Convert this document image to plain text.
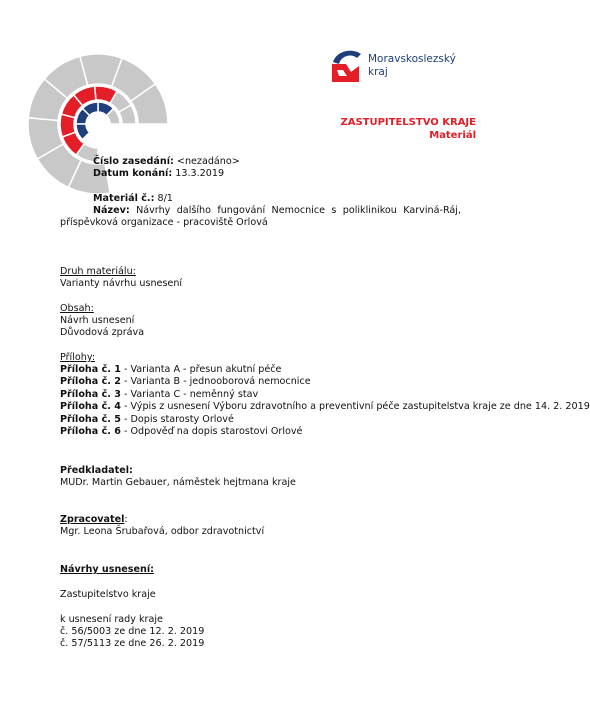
Moravskoslezský
kraj
ZASTUPITELSTVO KRAJE
Materiál
Číslo zasedání: <nezadáno>
Datum konání: 13.3.2019
Materiál č.: 8/1
Název: Návrhy dalšího fungování Nemocnice s poliklinikou Karviná-Ráj, příspěvková organizace - pracoviště Orlová
Druh materiálu:
Varianty návrhu usnesení
Obsah:
Návrh usnesení
Důvodová zpráva
Přílohy:
Příloha č. 1 - Varianta A - přesun akutní péče
Příloha č. 2 - Varianta B - jednooborová nemocnice
Příloha č. 3 - Varianta C - neměnný stav
Příloha č. 4 - Výpis z usnesení Výboru zdravotního a preventivní péče zastupitelstva kraje ze dne 14. 2. 2019
Příloha č. 5 - Dopis starosty Orlové
Příloha č. 6 - Odpověď na dopis starostovi Orlové
Předkladatel:
MUDr. Martin Gebauer, náměstek hejtmana kraje
Zpracovatel:
Mgr. Leona Šrubařová, odbor zdravotnictví
Návrhy usnesení:
Zastupitelstvo kraje
k usnesení rady kraje
č. 56/5003 ze dne 12. 2. 2019
č. 57/5113 ze dne 26. 2. 2019
